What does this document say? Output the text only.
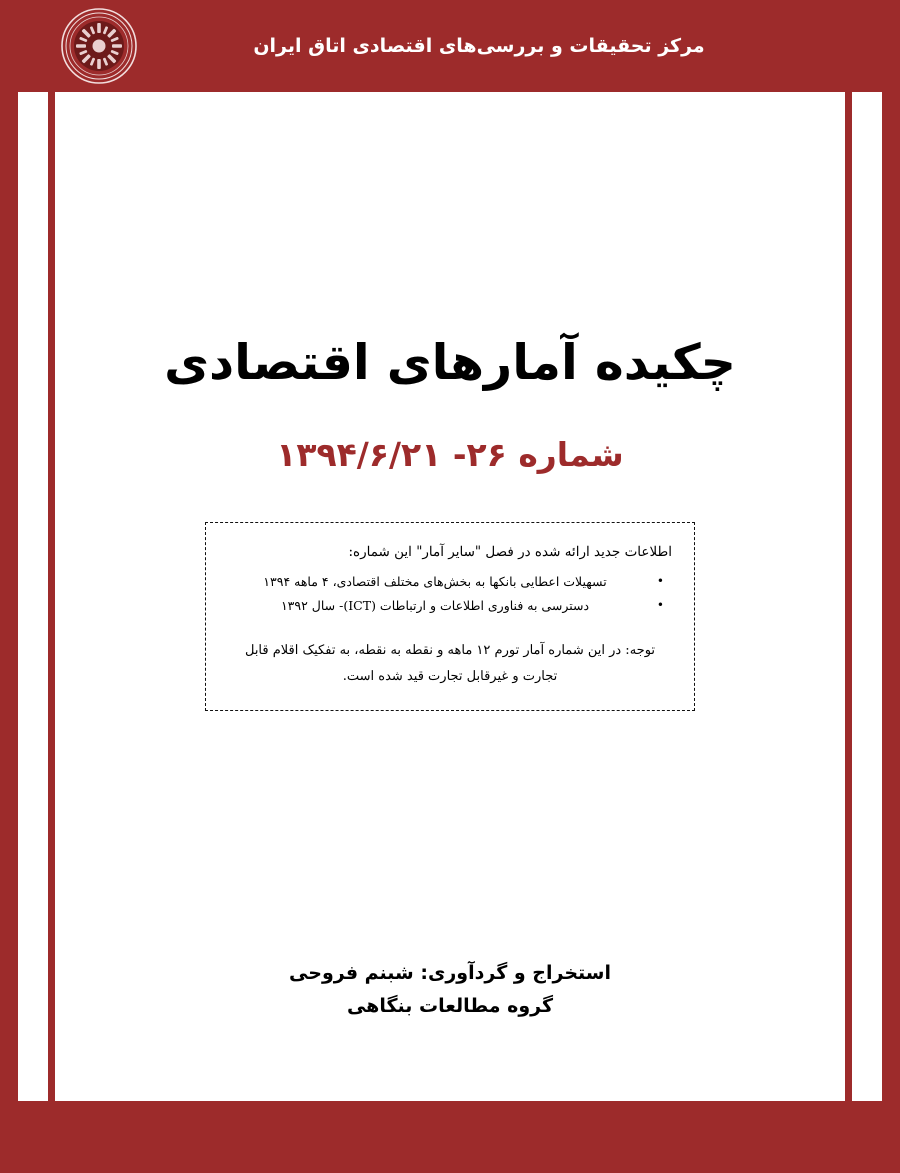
مرکز تحقیقات و بررسی‌های اقتصادی اتاق ایران
چکیده آمارهای اقتصادی
شماره ۲۶- ۱۳۹۴/۶/۲۱
اطلاعات جدید ارائه شده در فصل "سایر آمار" این شماره:
•
تسهیلات اعطایی بانکها به بخش‌های مختلف اقتصادی، ۴ ماهه ۱۳۹۴
•
دسترسی به فناوری اطلاعات و ارتباطات (ICT)- سال ۱۳۹۲
توجه: در این شماره آمار تورم ۱۲ ماهه و نقطه به نقطه، به تفکیک اقلام قابل تجارت و غیرقابل تجارت قید شده است.
استخراج و گردآوری: شبنم فروحی
گروه مطالعات بنگاهی
